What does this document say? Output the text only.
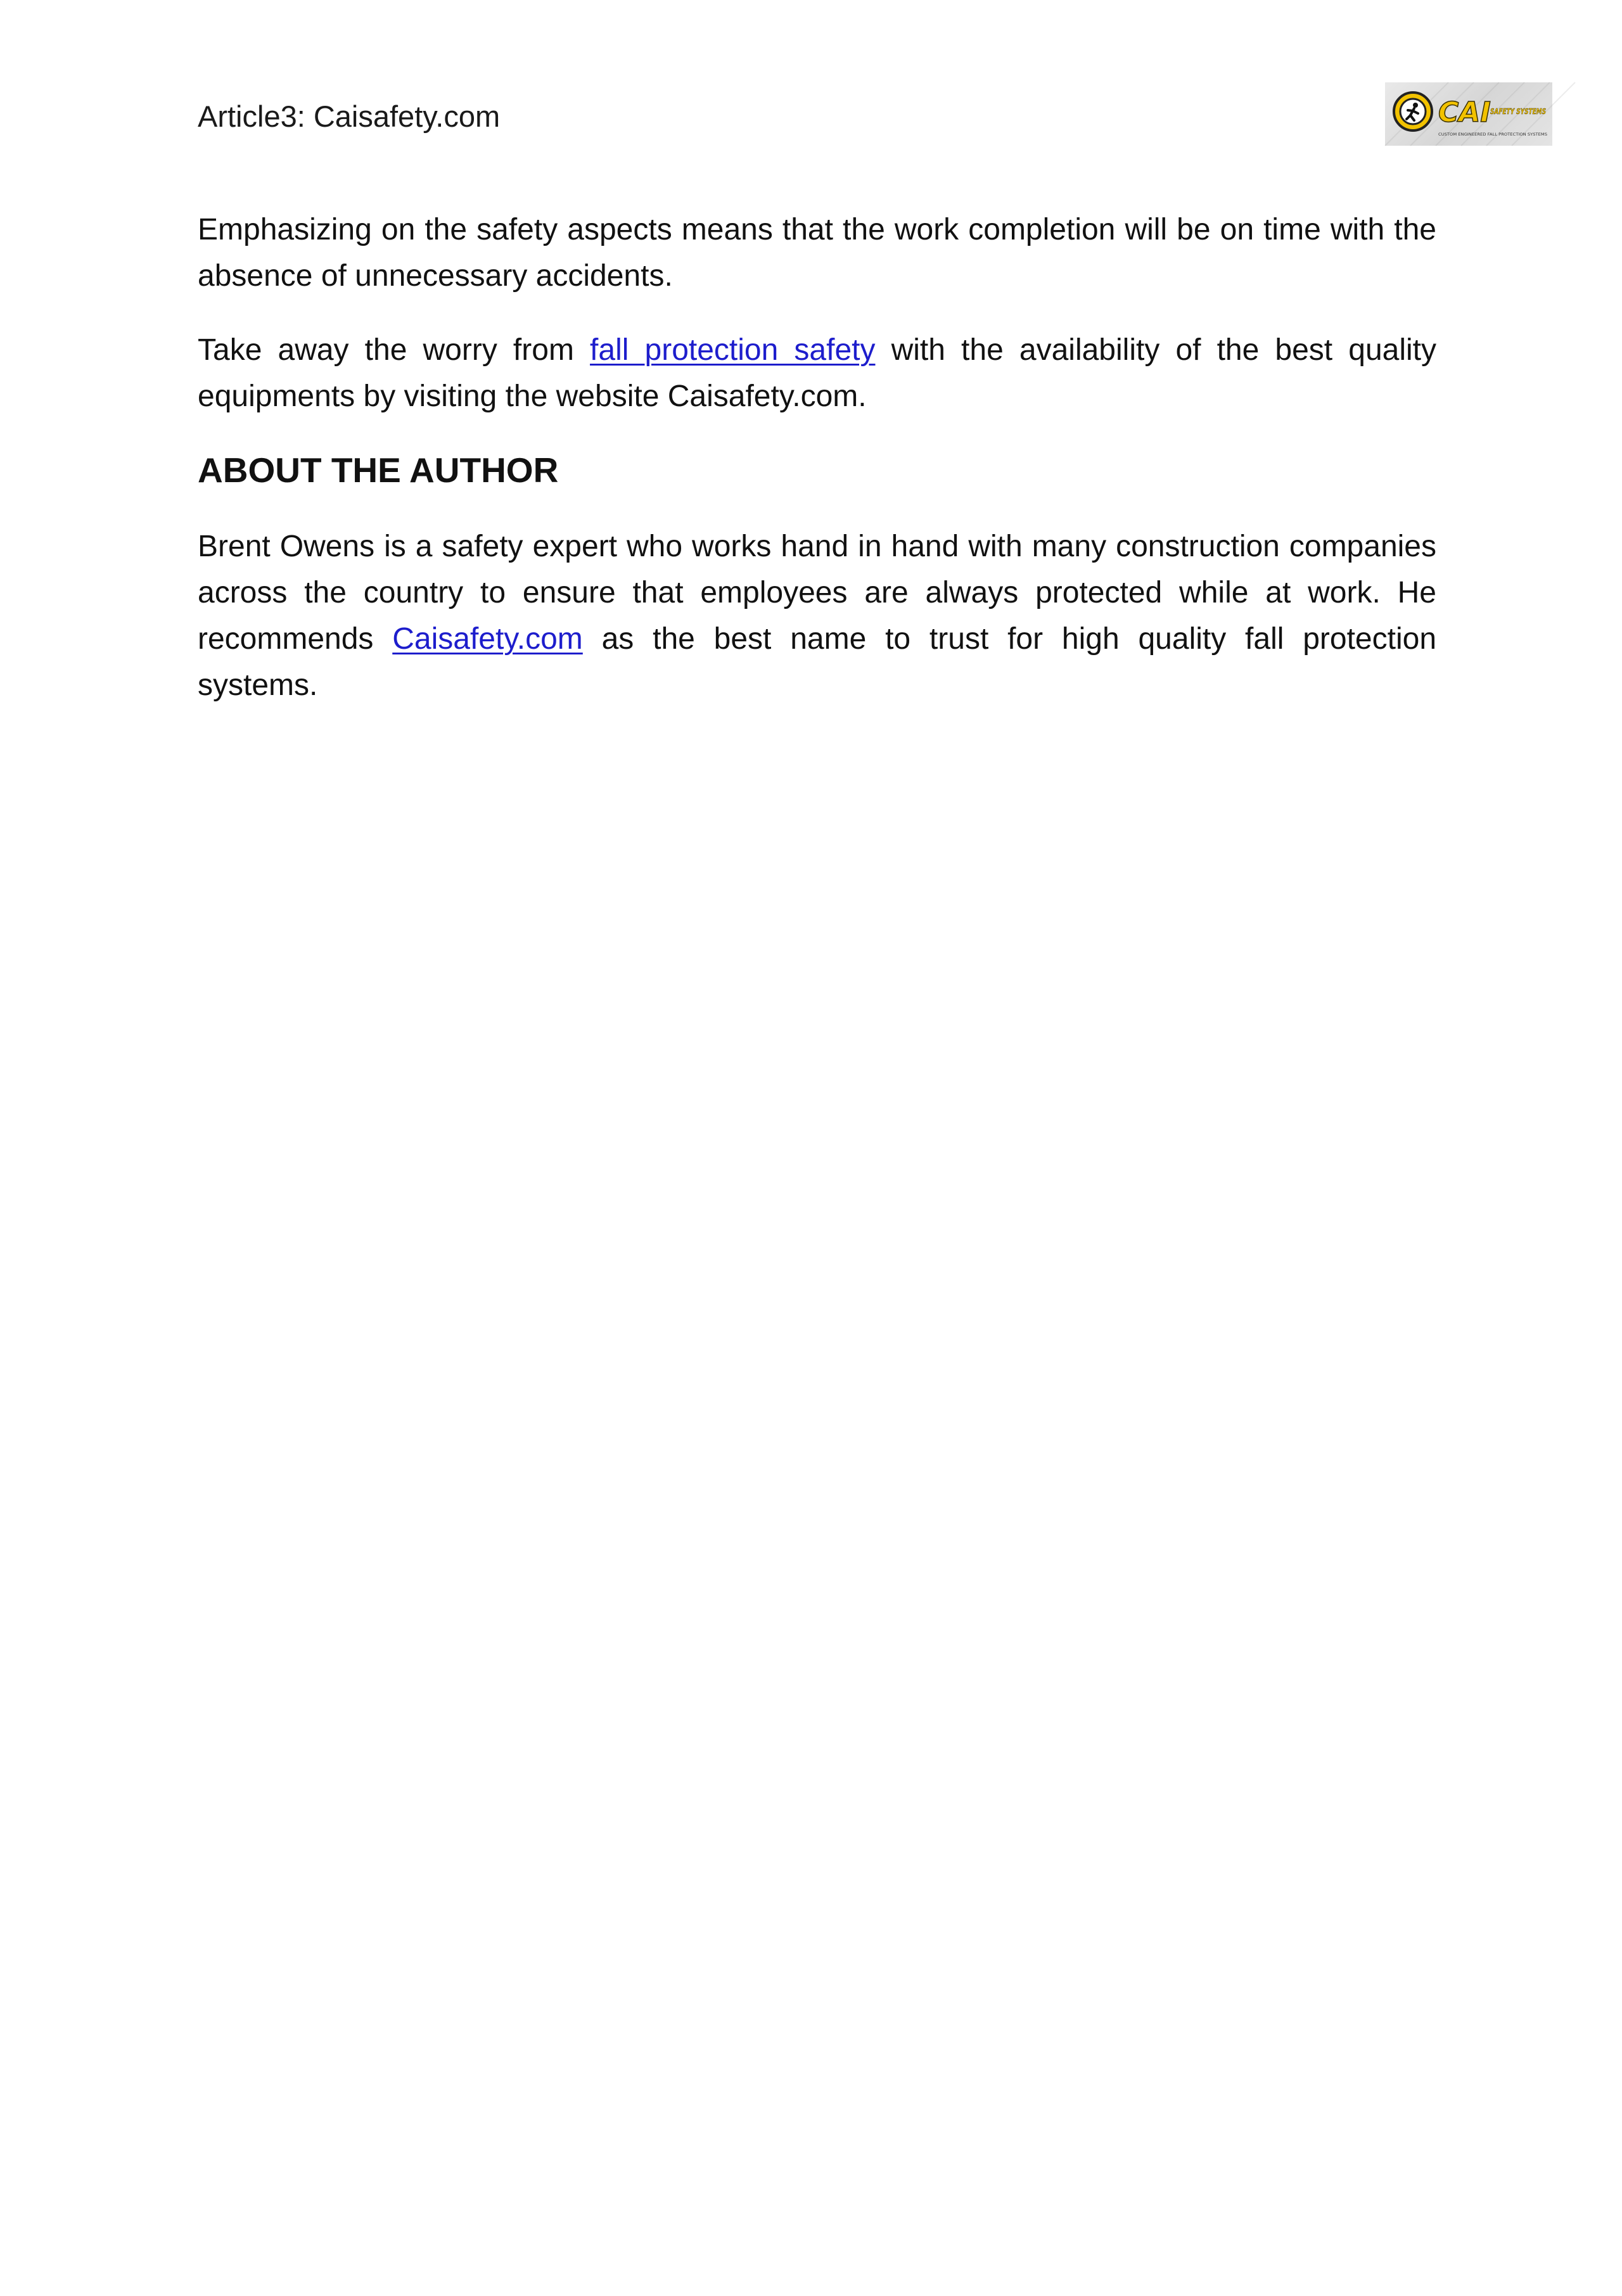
Article3: Caisafety.com	CAI SAFETY SYSTEMS
CUSTOM ENGINEERED FALL PROTECTION SYSTEMS

Emphasizing on the safety aspects means that the work completion will be on time with the absence of unnecessary accidents.

Take away the worry from fall protection safety with the availability of the best quality equipments by visiting the website Caisafety.com.

ABOUT THE AUTHOR

Brent Owens is a safety expert who works hand in hand with many construction companies across the country to ensure that employees are always protected while at work. He recommends Caisafety.com as the best name to trust for high quality fall protection systems.
